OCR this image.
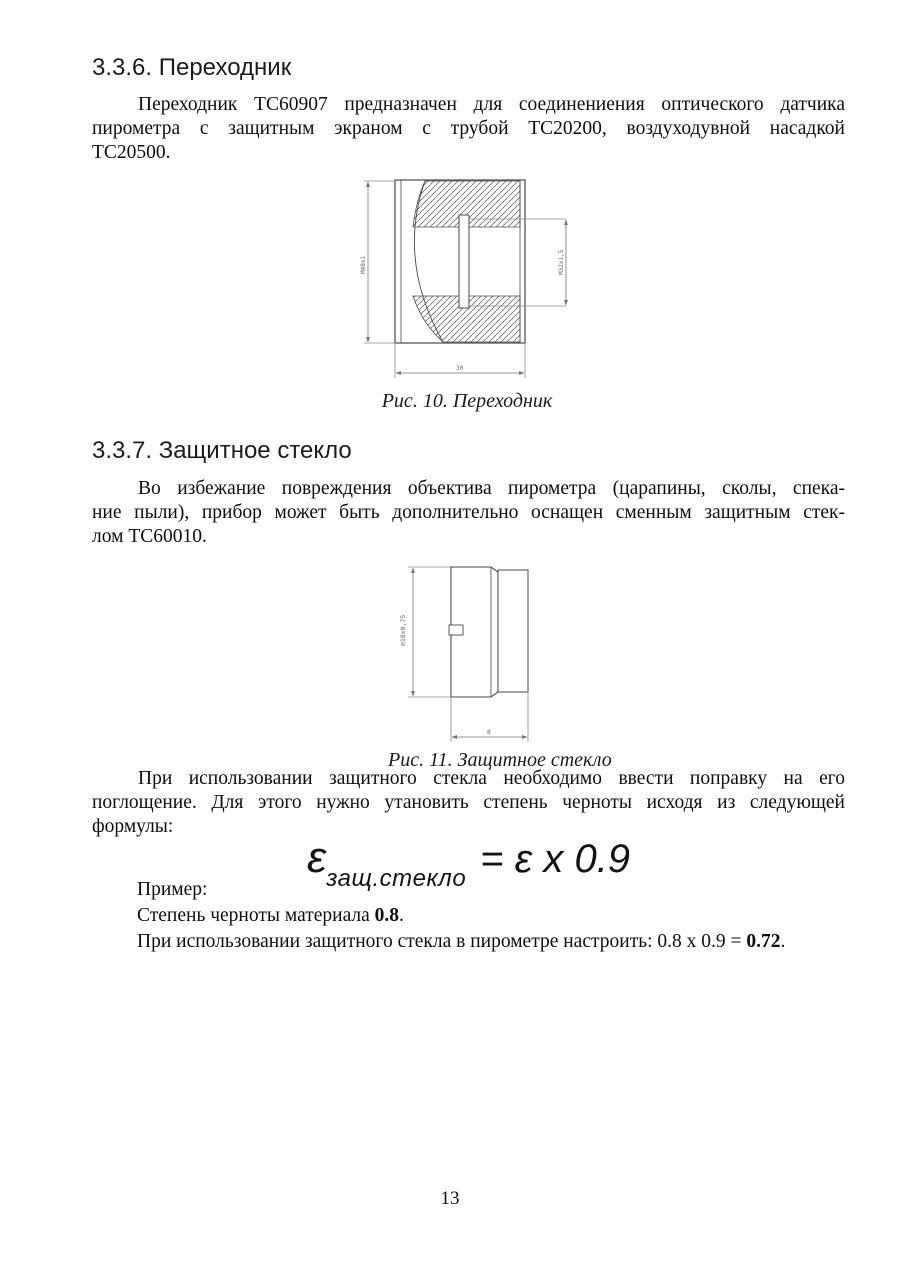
3.3.6. Переходник
Переходник ТС60907 предназначен для соединениения оптического датчика
пирометра с защитным экраном с трубой ТС20200, воздуходувной насадкой
ТС20500.
М40х1	М32х1,5
30
Рис. 10. Переходник
3.3.7. Защитное стекло
Во избежание повреждения объектива пирометра (царапины, сколы, спека-
ние пыли), прибор может быть дополнительно оснащен сменным защитным стек-
лом ТС60010.
⌀18х0,75
8
Рис. 11. Защитное стекло
При использовании защитного стекла необходимо ввести поправку на его
поглощение. Для этого нужно утановить степень черноты исходя из следующей
формулы:
εзащ.стекло = ε х 0.9
Пример:
Степень черноты материала 0.8.
При использовании защитного стекла в пирометре настроить: 0.8 х 0.9 = 0.72.
13
